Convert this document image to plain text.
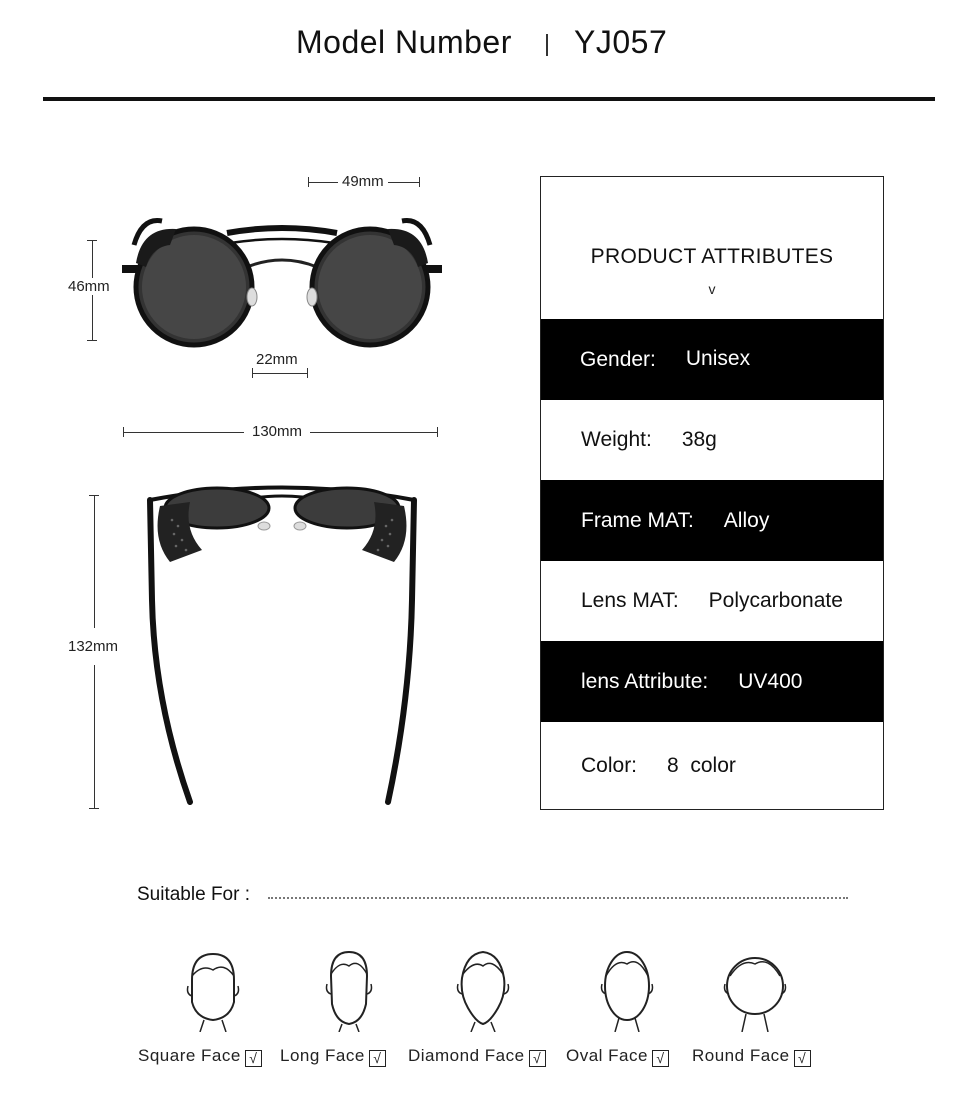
Model Number YJ057
49mm
46mm
22mm
130mm
132mm
PRODUCT ATTRIBUTES
v
Gender: Unisex
Weight: 38g
Frame MAT: Alloy
Lens MAT: Polycarbonate
lens Attribute: UV400
Color: 8  color
Suitable For :
Square Face √ Long Face √ Diamond Face √ Oval Face √ Round Face √
